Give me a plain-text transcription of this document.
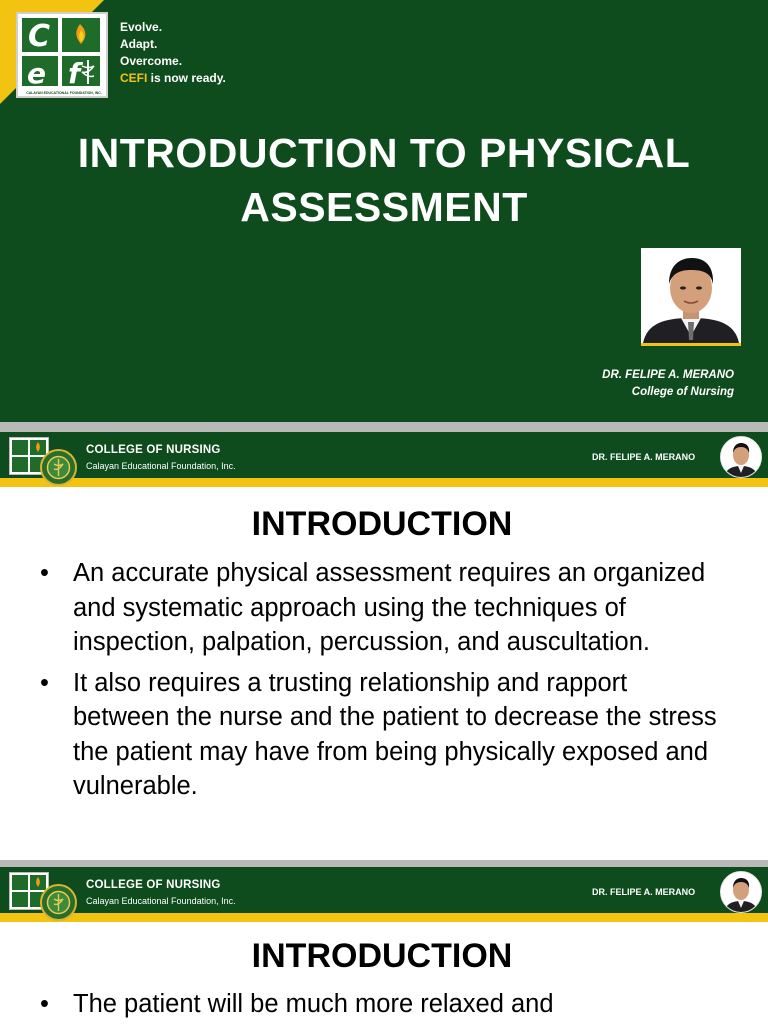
C
e f
CALAYAN EDUCATIONAL FOUNDATION, INC.
Evolve.
Adapt.
Overcome.
CEFI is now ready.
INTRODUCTION TO PHYSICAL
ASSESSMENT
DR. FELIPE A. MERANO
College of Nursing
COLLEGE OF NURSING
Calayan Educational Foundation, Inc.
DR. FELIPE A. MERANO
INTRODUCTION
• An accurate physical assessment requires an organized and systematic approach using the techniques of inspection, palpation, percussion, and auscultation.
• It also requires a trusting relationship and rapport between the nurse and the patient to decrease the stress the patient may have from being physically exposed and vulnerable.
COLLEGE OF NURSING
Calayan Educational Foundation, Inc.
DR. FELIPE A. MERANO
INTRODUCTION
• The patient will be much more relaxed and
